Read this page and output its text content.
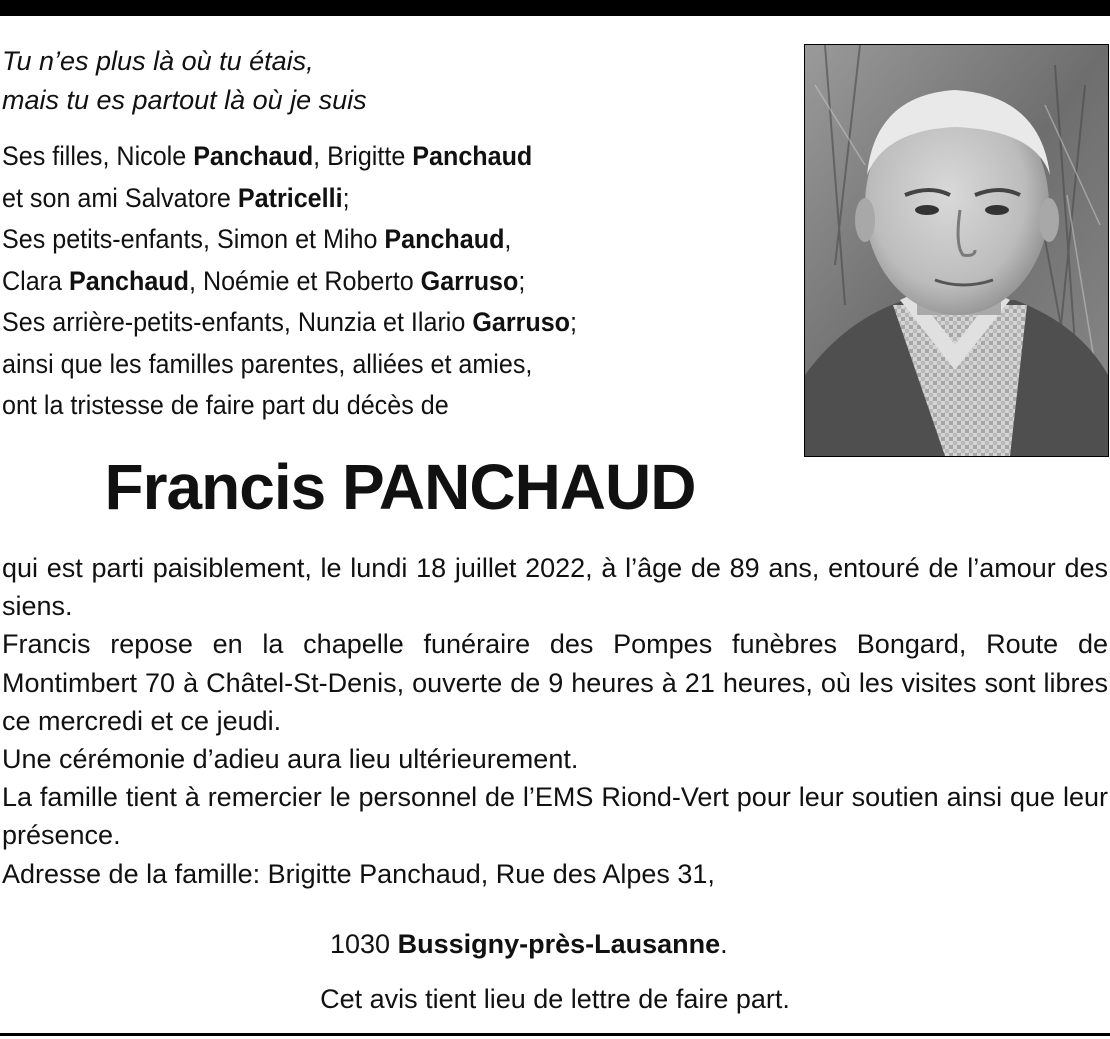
Tu n’es plus là où tu étais,
mais tu es partout là où je suis
Ses filles, Nicole Panchaud, Brigitte Panchaud
et son ami Salvatore Patricelli;
Ses petits-enfants, Simon et Miho Panchaud,
Clara Panchaud, Noémie et Roberto Garruso;
Ses arrière-petits-enfants, Nunzia et Ilario Garruso;
ainsi que les familles parentes, alliées et amies,
ont la tristesse de faire part du décès de
Francis PANCHAUD

qui est parti paisiblement, le lundi 18 juillet 2022, à l’âge de 89 ans, entouré de l’amour des siens.

Francis repose en la chapelle funéraire des Pompes funèbres Bongard, Route de Montimbert 70 à Châtel-St-Denis, ouverte de 9 heures à 21 heures, où les visites sont libres ce mercredi et ce jeudi.

Une cérémonie d’adieu aura lieu ultérieurement.

La famille tient à remercier le personnel de l’EMS Riond-Vert pour leur soutien ainsi que leur présence.

Adresse de la famille: Brigitte Panchaud, Rue des Alpes 31,

1030 Bussigny-près-Lausanne.
Cet avis tient lieu de lettre de faire part.
